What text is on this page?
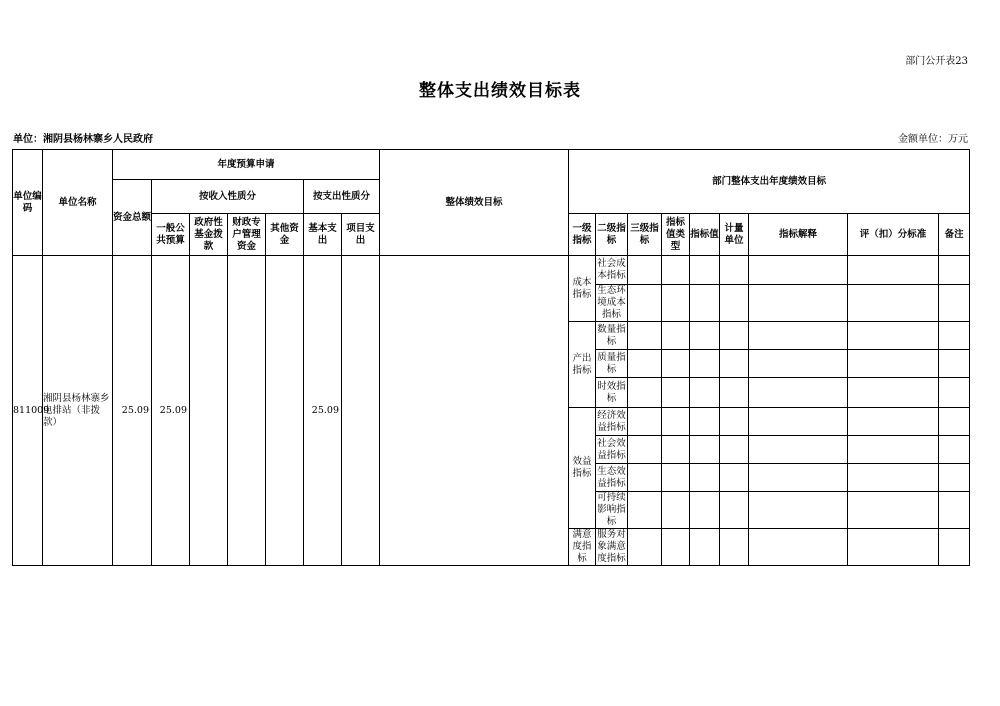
部门公开表23
整体支出绩效目标表
单位：湘阴县杨林寨乡人民政府	金额单位：万元
单位编码	单位名称	年度预算申请							整体绩效目标	部门整体支出年度绩效目标								
		资金总额	按收入性质分				按支出性质分											
			一般公共预算	政府性基金拨款	财政专户管理资金	其他资金	基本支出	项目支出		一级指标	二级指标	三级指标	指标值类型	指标值	计量单位	指标解释	评（扣）分标准	备注
811009	湘阴县杨林寨乡电排站（非拨款）	25.09	25.09				25.09			成本指标	社会成本指标							
											生态环境成本指标							
										产出指标	数量指标							
											质量指标							
											时效指标							
										效益指标	经济效益指标							
											社会效益指标							
											生态效益指标							
											可持续影响指标							
										满意度指标	服务对象满意度指标							
